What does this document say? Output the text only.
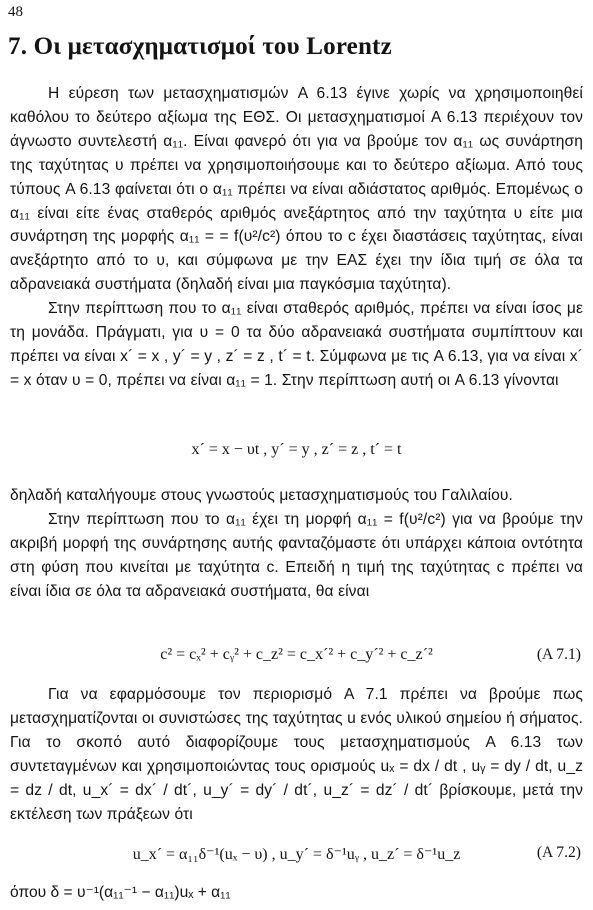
48
7. Οι μετασχηματισμοί του Lorentz

Η εύρεση των μετασχηματισμών A 6.13 έγινε χωρίς να χρησιμοποιηθεί καθόλου το δεύτερο αξίωμα της ΕΘΣ. Οι μετασχηματισμοί A 6.13 περιέχουν τον άγνωστο συντελεστή α₁₁. Είναι φανερό ότι για να βρούμε τον α₁₁ ως συνάρτηση της ταχύτητας υ πρέπει να χρησιμοποιήσουμε και το δεύτερο αξίωμα. Από τους τύπους A 6.13 φαίνεται ότι ο α₁₁ πρέπει να είναι αδιάστατος αριθμός. Επομένως ο α₁₁ είναι είτε ένας σταθερός αριθμός ανεξάρτητος από την ταχύτητα υ είτε μια συνάρτηση της μορφής α₁₁ = = f(υ²/c²) όπου το c έχει διαστάσεις ταχύτητας, είναι ανεξάρτητο από το υ, και σύμφωνα με την ΕΑΣ έχει την ίδια τιμή σε όλα τα αδρανειακά συστήματα (δηλαδή είναι μια παγκόσμια ταχύτητα).

Στην περίπτωση που το α₁₁ είναι σταθερός αριθμός, πρέπει να είναι ίσος με τη μονάδα. Πράγματι, για υ = 0 τα δύο αδρανειακά συστήματα συμπίπτουν και πρέπει να είναι x´ = x , y´ = y , z´ = z , t´ = t. Σύμφωνα με τις A 6.13, για να είναι x´ = x όταν υ = 0, πρέπει να είναι α₁₁ = 1. Στην περίπτωση αυτή οι A 6.13 γίνονται

x´ = x − υt , y´ = y , z´ = z , t´ = t

δηλαδή καταλήγουμε στους γνωστούς μετασχηματισμούς του Γαλιλαίου.

Στην περίπτωση που το α₁₁ έχει τη μορφή α₁₁ = f(υ²/c²) για να βρούμε την ακριβή μορφή της συνάρτησης αυτής φανταζόμαστε ότι υπάρχει κάποια οντότητα στη φύση που κινείται με ταχύτητα c. Επειδή η τιμή της ταχύτητας c πρέπει να είναι ίδια σε όλα τα αδρανειακά συστήματα, θα είναι

c² = cₓ² + cᵧ² + c_z² = c_x´² + c_y´² + c_z´²	(A 7.1)

Για να εφαρμόσουμε τον περιορισμό A 7.1 πρέπει να βρούμε πως μετασχηματίζονται οι συνιστώσες της ταχύτητας u ενός υλικού σημείου ή σήματος. Για το σκοπό αυτό διαφορίζουμε τους μετασχηματισμούς A 6.13 των συντεταγμένων και χρησιμοποιώντας τους ορισμούς uₓ = dx / dt , uᵧ = dy / dt, u_z = dz / dt, u_x´ = dx´ / dt´, u_y´ = dy´ / dt´, u_z´ = dz´ / dt´ βρίσκουμε, μετά την εκτέλεση των πράξεων ότι

u_x´ = α₁₁δ⁻¹(uₓ − υ) , u_y´ = δ⁻¹uᵧ , u_z´ = δ⁻¹u_z	(A 7.2)
όπου δ = υ⁻¹(α₁₁⁻¹ − α₁₁)uₓ + α₁₁
